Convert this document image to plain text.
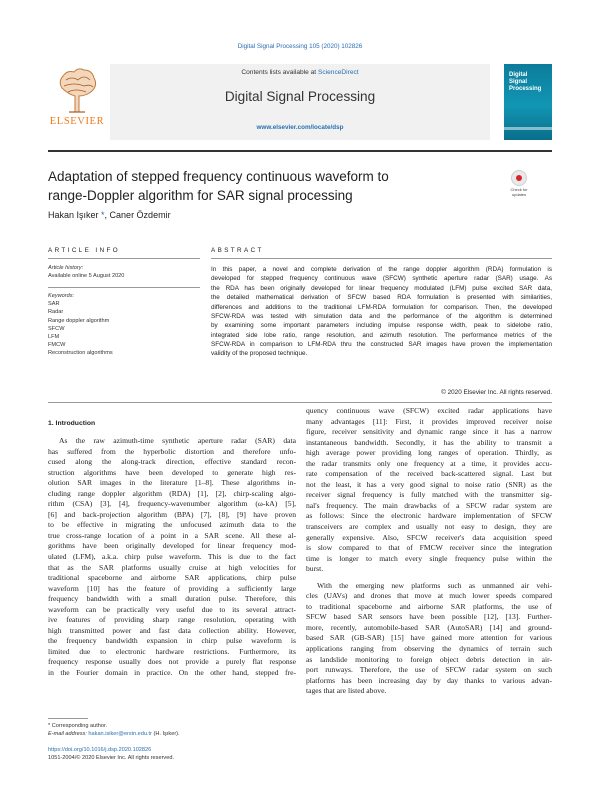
Digital Signal Processing 105 (2020) 102826
ELSEVIER
Contents lists available at ScienceDirect
Digital Signal Processing
www.elsevier.com/locate/dsp
Digital
Signal
Processing
Adaptation of stepped frequency continuous waveform to
range-Doppler algorithm for SAR signal processing	Check for
updates
Hakan Işıker *, Caner Özdemir
ARTICLE INFO	ABSTRACT
Article history:
Available online 5 August 2020
Keywords:
SAR
Radar
Range doppler algorithm
SFCW
LFM
FMCW
Reconstruction algorithms
In this paper, a novel and complete derivation of the range doppler algorithm (RDA) formulation is
developed for stepped frequency continuous wave (SFCW) synthetic aperture radar (SAR) usage. As
the RDA has been originally developed for linear frequency modulated (LFM) pulse excited SAR data,
the detailed mathematical derivation of SFCW based RDA formulation is presented with similarities,
differences and additions to the traditional LFM-RDA formulation for comparison. Then, the developed
SFCW-RDA was tested with simulation data and the performance of the algorithm is determined
by examining some important parameters including impulse response width, peak to sidelobe ratio,
integrated side lobe ratio, range resolution, and azimuth resolution. The performance metrics of the
SFCW-RDA in comparison to LFM-RDA thru the constructed SAR images have proven the implementation
validity of the proposed technique.
© 2020 Elsevier Inc. All rights reserved.
1. Introduction
As the raw azimuth-time synthetic aperture radar (SAR) data
has suffered from the hyperbolic distortion and therefore unfo-
cused along the along-track direction, effective standard recon-
struction algorithms have been developed to generate high res-
olution SAR images in the literature [1–8]. These algorithms in-
cluding range doppler algorithm (RDA) [1], [2], chirp-scaling algo-
rithm (CSA) [3], [4], frequency-wavenumber algorithm (ω-kA) [5],
[6] and back-projection algorithm (BPA) [7], [8], [9] have proven
to be effective in migrating the unfocused azimuth data to the
true cross-range location of a point in a SAR scene. All these al-
gorithms have been originally developed for linear frequency mod-
ulated (LFM), a.k.a. chirp pulse waveform. This is due to the fact
that as the SAR platforms usually cruise at high velocities for
traditional spaceborne and airborne SAR applications, chirp pulse
waveform [10] has the feature of providing a sufficiently large
frequency bandwidth with a small duration pulse. Therefore, this
waveform can be practically very useful due to its several attract-
ive features of providing sharp range resolution, operating with
high transmitted power and fast data collection ability. However,
the frequency bandwidth expansion in chirp pulse waveform is
limited due to electronic hardware restrictions. Furthermore, its
frequency response usually does not provide a purely flat response
in the Fourier domain in practice. On the other hand, stepped fre-
quency continuous wave (SFCW) excited radar applications have
many advantages [11]: First, it provides improved receiver noise
figure, receiver sensitivity and dynamic range since it has a narrow
instantaneous bandwidth. Secondly, it has the ability to transmit a
high average power providing long ranges of operation. Thirdly, as
the radar transmits only one frequency at a time, it provides accu-
rate compensation of the received back-scattered signal. Last but
not the least, it has a very good signal to noise ratio (SNR) as the
receiver signal frequency is fully matched with the transmitter sig-
nal's frequency. The main drawbacks of a SFCW radar system are
as follows: Since the electronic hardware implementation of SFCW
transceivers are complex and usually not easy to design, they are
generally expensive. Also, SFCW receiver's data acquisition speed
is slow compared to that of FMCW receiver since the integration
time is longer to match every single frequency pulse within the
burst.
With the emerging new platforms such as unmanned air vehi-
cles (UAVs) and drones that move at much lower speeds compared
to traditional spaceborne and airborne SAR platforms, the use of
SFCW based SAR sensors have been possible [12], [13]. Further-
more, recently, automobile-based SAR (AutoSAR) [14] and ground-
based SAR (GB-SAR) [15] have gained more attention for various
applications ranging from observing the dynamics of terrain such
as landslide monitoring to foreign object debris detection in air-
port runways. Therefore, the use of SFCW radar system on such
platforms has been increasing day by day thanks to various advan-
tages that are listed above.
* Corresponding author.
E-mail address: hakan.isiker@ersin.edu.tr (H. Işıker).
https://doi.org/10.1016/j.dsp.2020.102826
1051-2004/© 2020 Elsevier Inc. All rights reserved.
